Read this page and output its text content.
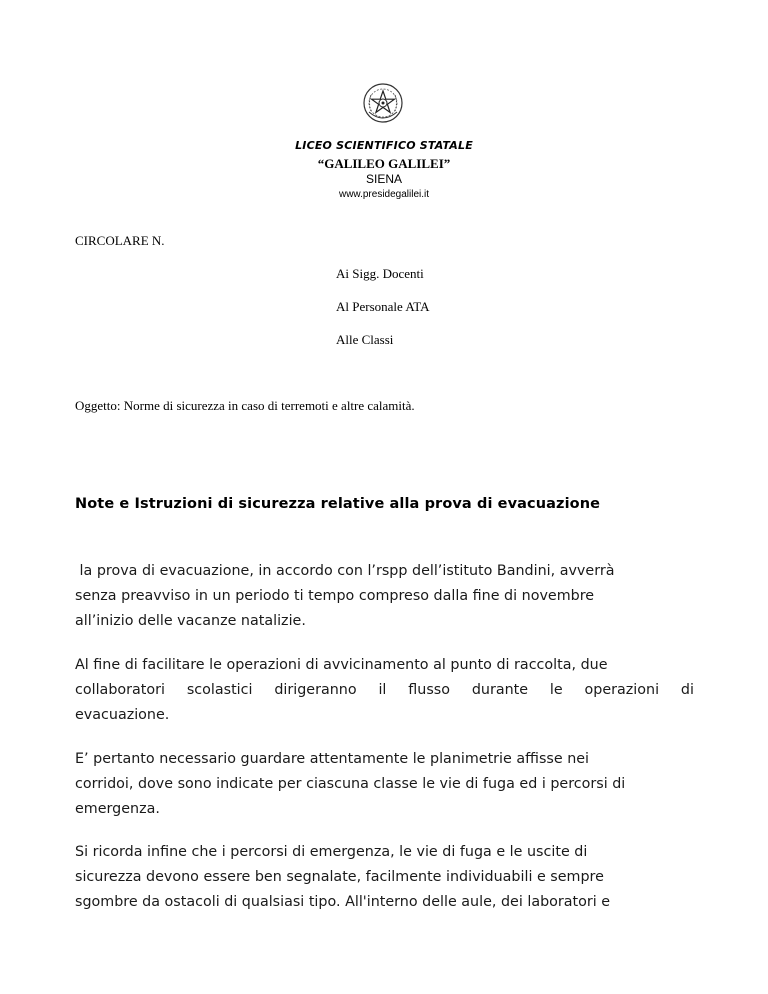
LICEO SCIENTIFICO STATALE
“GALILEO GALILEI”
SIENA
www.presidegalilei.it
CIRCOLARE N.
Ai Sigg. Docenti
Al Personale ATA
Alle Classi
Oggetto: Norme di sicurezza in caso di terremoti e altre calamità.
Note e Istruzioni di sicurezza relative alla prova di evacuazione
la prova di evacuazione, in accordo con l’rspp dell’istituto Bandini, avverrà
senza preavviso in un periodo ti tempo compreso dalla fine di novembre
all’inizio delle vacanze natalizie.
Al fine di facilitare le operazioni di avvicinamento al punto di raccolta, due
collaboratori scolastici dirigeranno il flusso durante le operazioni di
evacuazione.
E’ pertanto necessario guardare attentamente le planimetrie affisse nei
corridoi, dove sono indicate per ciascuna classe le vie di fuga ed i percorsi di
emergenza.
Si ricorda infine che i percorsi di emergenza, le vie di fuga e le uscite di
sicurezza devono essere ben segnalate, facilmente individuabili e sempre
sgombre da ostacoli di qualsiasi tipo. All'interno delle aule, dei laboratori e
